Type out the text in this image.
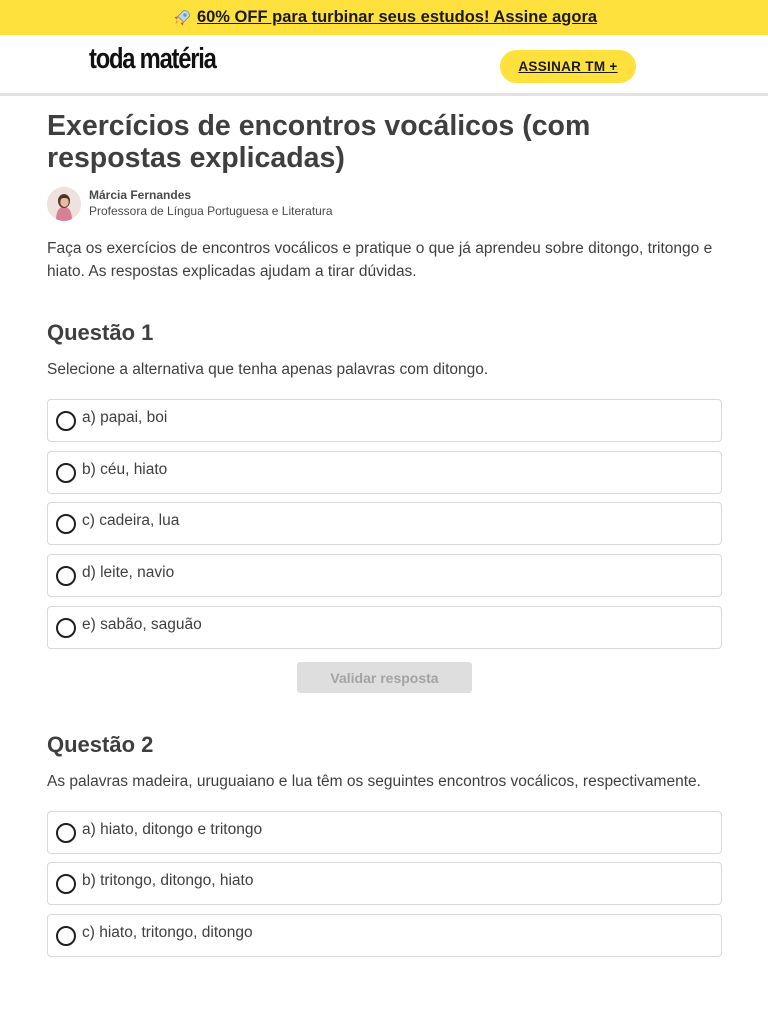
60% OFF para turbinar seus estudos! Assine agora
toda matéria	ASSINAR TM +
Exercícios de encontros vocálicos (com respostas explicadas)
Márcia Fernandes
Professora de Língua Portuguesa e Literatura

Faça os exercícios de encontros vocálicos e pratique o que já aprendeu sobre ditongo, tritongo e hiato. As respostas explicadas ajudam a tirar dúvidas.

Questão 1

Selecione a alternativa que tenha apenas palavras com ditongo.

a) papai, boi
b) céu, hiato
c) cadeira, lua
d) leite, navio
e) sabão, saguão
Validar resposta
Questão 2

As palavras madeira, uruguaiano e lua têm os seguintes encontros vocálicos, respectivamente.

a) hiato, ditongo e tritongo
b) tritongo, ditongo, hiato
c) hiato, tritongo, ditongo
